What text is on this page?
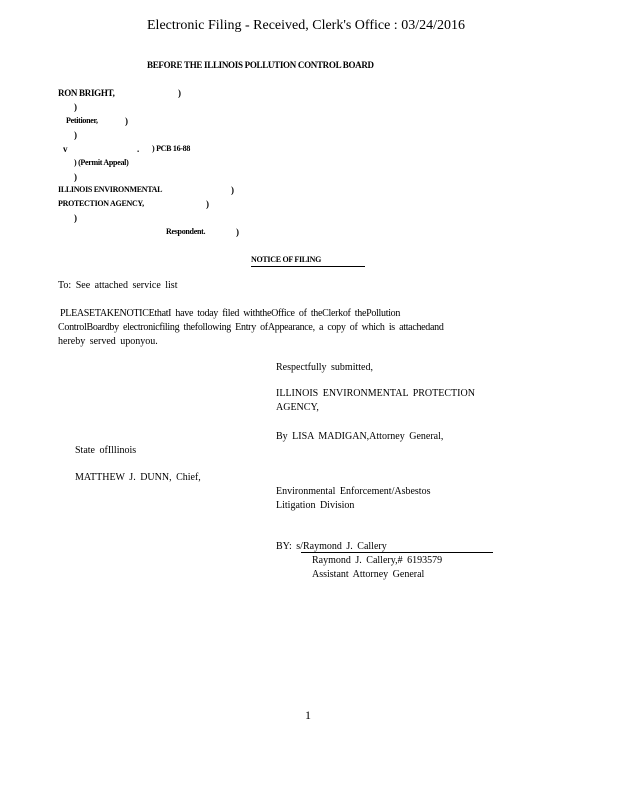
Electronic Filing - Received, Clerk's Office : 03/24/2016
BEFORE THE ILLINOIS POLLUTION CONTROL BOARD
RON BRIGHT,	)
)
Petitioner,	)
)
v	. ) PCB 16-88
) (Permit Appeal)
)
ILLINOIS ENVIRONMENTAL	)
PROTECTION AGENCY,	)
)
Respondent.	)
NOTICE OF FILING
To: See attached service list
PLEASETAKENOTICEthatI have today filed withtheOffice of theClerkof thePollution
ControlBoardby electronicfiling thefollowing Entry ofAppearance, a copy of which is attachedand
hereby served uponyou.
Respectfully submitted,
ILLINOIS ENVIRONMENTAL PROTECTION
AGENCY,
By LISA MADIGAN,Attorney General,
State ofIllinois
MATTHEW J. DUNN, Chief,
Environmental Enforcement/Asbestos
Litigation Division
BY: s/ Raymond J. Callery
Raymond J. Callery,# 6193579
Assistant Attorney General
1
